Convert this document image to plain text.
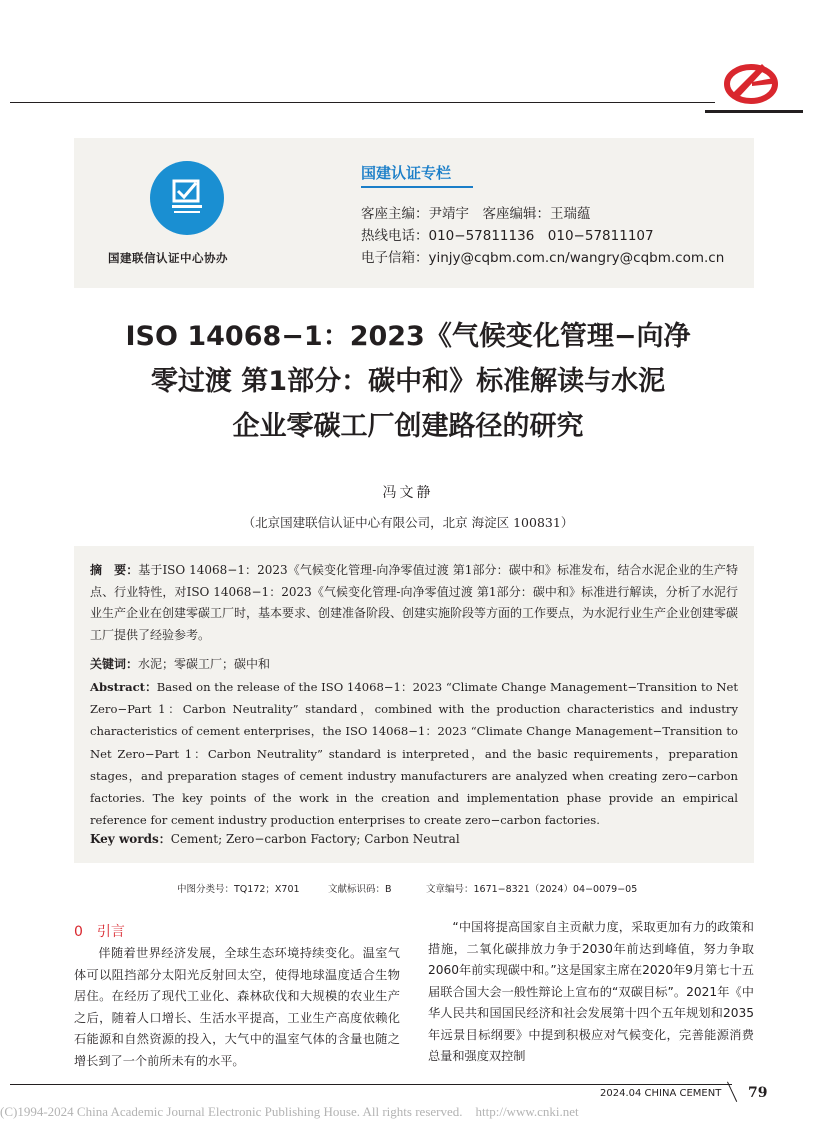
国建联信认证中心协办
国建认证专栏
客座主编：尹靖宇　客座编辑：王瑞蕴
热线电话：010−57811136　010−57811107
电子信箱：yinjy@cqbm.com.cn/wangry@cqbm.com.cn
ISO 14068−1：2023《气候变化管理−向净
零过渡 第1部分：碳中和》标准解读与水泥
企业零碳工厂创建路径的研究
冯文静
（北京国建联信认证中心有限公司，北京 海淀区 100831）
摘　要：基于ISO 14068−1：2023《气候变化管理-向净零值过渡 第1部分：碳中和》标准发布，结合水泥企业的生产特点、行业特性，对ISO 14068−1：2023《气候变化管理-向净零值过渡 第1部分：碳中和》标准进行解读，分析了水泥行业生产企业在创建零碳工厂时，基本要求、创建准备阶段、创建实施阶段等方面的工作要点，为水泥行业生产企业创建零碳工厂提供了经验参考。
关键词：水泥；零碳工厂；碳中和
Abstract：Based on the release of the ISO 14068−1：2023 “Climate Change Management−Transition to Net Zero−Part 1：Carbon Neutrality” standard，combined with the production characteristics and industry characteristics of cement enterprises，the ISO 14068−1：2023 “Climate Change Management−Transition to Net Zero−Part 1：Carbon Neutrality” standard is interpreted，and the basic requirements，preparation stages，and preparation stages of cement industry manufacturers are analyzed when creating zero−carbon factories. The key points of the work in the creation and implementation phase provide an empirical reference for cement industry production enterprises to create zero−carbon factories.
Key words：Cement; Zero−carbon Factory; Carbon Neutral
中图分类号：TQ172；X701	文献标识码：B	文章编号：1671−8321（2024）04−0079−05
0　引言

伴随着世界经济发展，全球生态环境持续变化。温室气体可以阻挡部分太阳光反射回太空，使得地球温度适合生物居住。在经历了现代工业化、森林砍伐和大规模的农业生产之后，随着人口增长、生活水平提高，工业生产高度依赖化石能源和自然资源的投入，大气中的温室气体的含量也随之增长到了一个前所未有的水平。

“中国将提高国家自主贡献力度，采取更加有力的政策和措施，二氧化碳排放力争于2030年前达到峰值，努力争取2060年前实现碳中和。”这是国家主席在2020年9月第七十五届联合国大会一般性辩论上宣布的“双碳目标”。2021年《中华人民共和国国民经济和社会发展第十四个五年规划和2035年远景目标纲要》中提到积极应对气候变化，完善能源消费总量和强度双控制

2024.04 CHINA CEMENT 79
(C)1994-2024 China Academic Journal Electronic Publishing House. All rights reserved.    http://www.cnki.net
